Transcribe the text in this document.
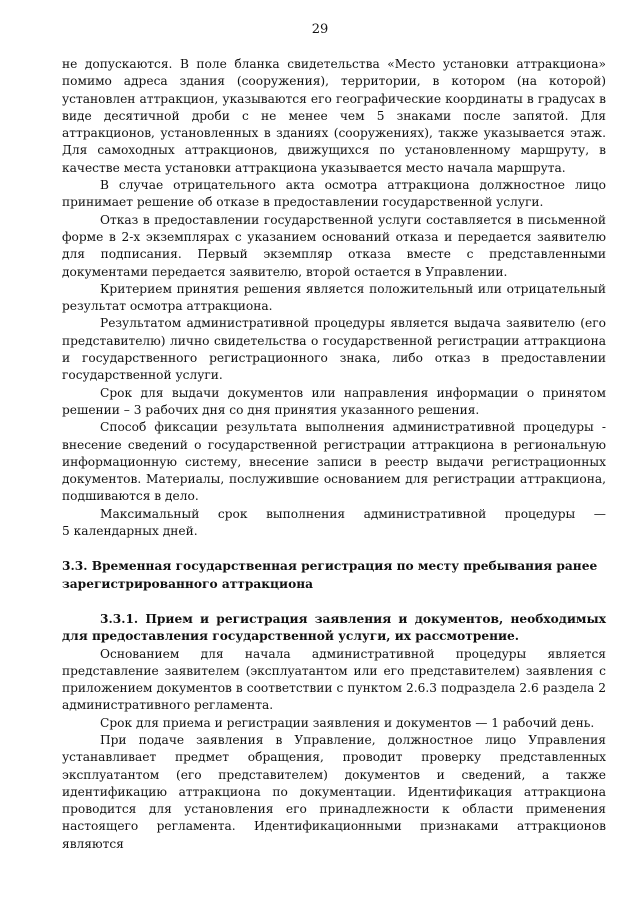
29

не допускаются. В поле бланка свидетельства «Место установки аттракциона» помимо адреса здания (сооружения), территории, в котором (на которой) установлен аттракцион, указываются его географические координаты в градусах в виде десятичной дроби с не менее чем 5 знаками после запятой. Для аттракционов, установленных в зданиях (сооружениях), также указывается этаж. Для самоходных аттракционов, движущихся по установленному маршруту, в качестве места установки аттракциона указывается место начала маршрута.

В случае отрицательного акта осмотра аттракциона должностное лицо принимает решение об отказе в предоставлении государственной услуги.

Отказ в предоставлении государственной услуги составляется в письменной форме в 2-х экземплярах с указанием оснований отказа и передается заявителю для подписания. Первый экземпляр отказа вместе с представленными документами передается заявителю, второй остается в Управлении.

Критерием принятия решения является положительный или отрицательный результат осмотра аттракциона.

Результатом административной процедуры является выдача заявителю (его представителю) лично свидетельства о государственной регистрации аттракциона и государственного регистрационного знака, либо отказ в предоставлении государственной услуги.

Срок для выдачи документов или направления информации о принятом решении – 3 рабочих дня со дня принятия указанного решения.

Способ фиксации результата выполнения административной процедуры - внесение сведений о государственной регистрации аттракциона в региональную информационную систему, внесение записи в реестр выдачи регистрационных документов. Материалы, послужившие основанием для регистрации аттракциона, подшиваются в дело.

Максимальный срок выполнения административной процедуры —

5 календарных дней.

3.3. Временная государственная регистрация по месту пребывания ранее

зарегистрированного аттракциона

3.3.1. Прием и регистрация заявления и документов, необходимых для предоставления государственной услуги, их рассмотрение.

Основанием для начала административной процедуры является представление заявителем (эксплуатантом или его представителем) заявления с приложением документов в соответствии с пунктом 2.6.3 подраздела 2.6 раздела 2 административного регламента.

Срок для приема и регистрации заявления и документов — 1 рабочий день.

При подаче заявления в Управление, должностное лицо Управления устанавливает предмет обращения, проводит проверку представленных эксплуатантом (его представителем) документов и сведений, а также идентификацию аттракциона по документации. Идентификация аттракциона проводится для установления его принадлежности к области применения настоящего регламента. Идентификационными признаками аттракционов являются
